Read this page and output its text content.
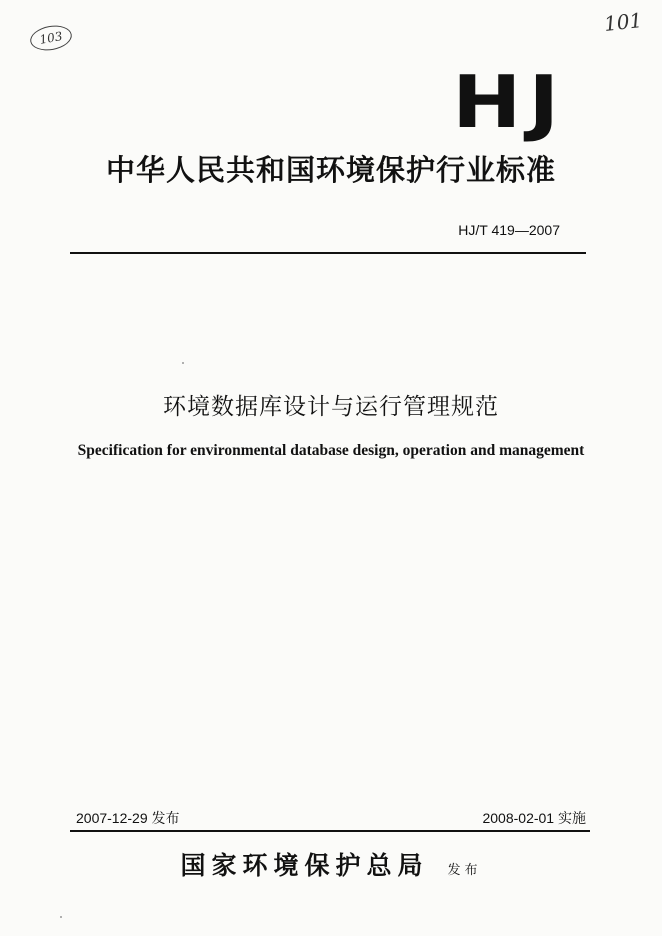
103
101
HJ
中华人民共和国环境保护行业标准
HJ/T 419—2007
环境数据库设计与运行管理规范
Specification for environmental database design, operation and management
2007-12-29 发布	2008-02-01 实施
国家环境保护总局 发布
